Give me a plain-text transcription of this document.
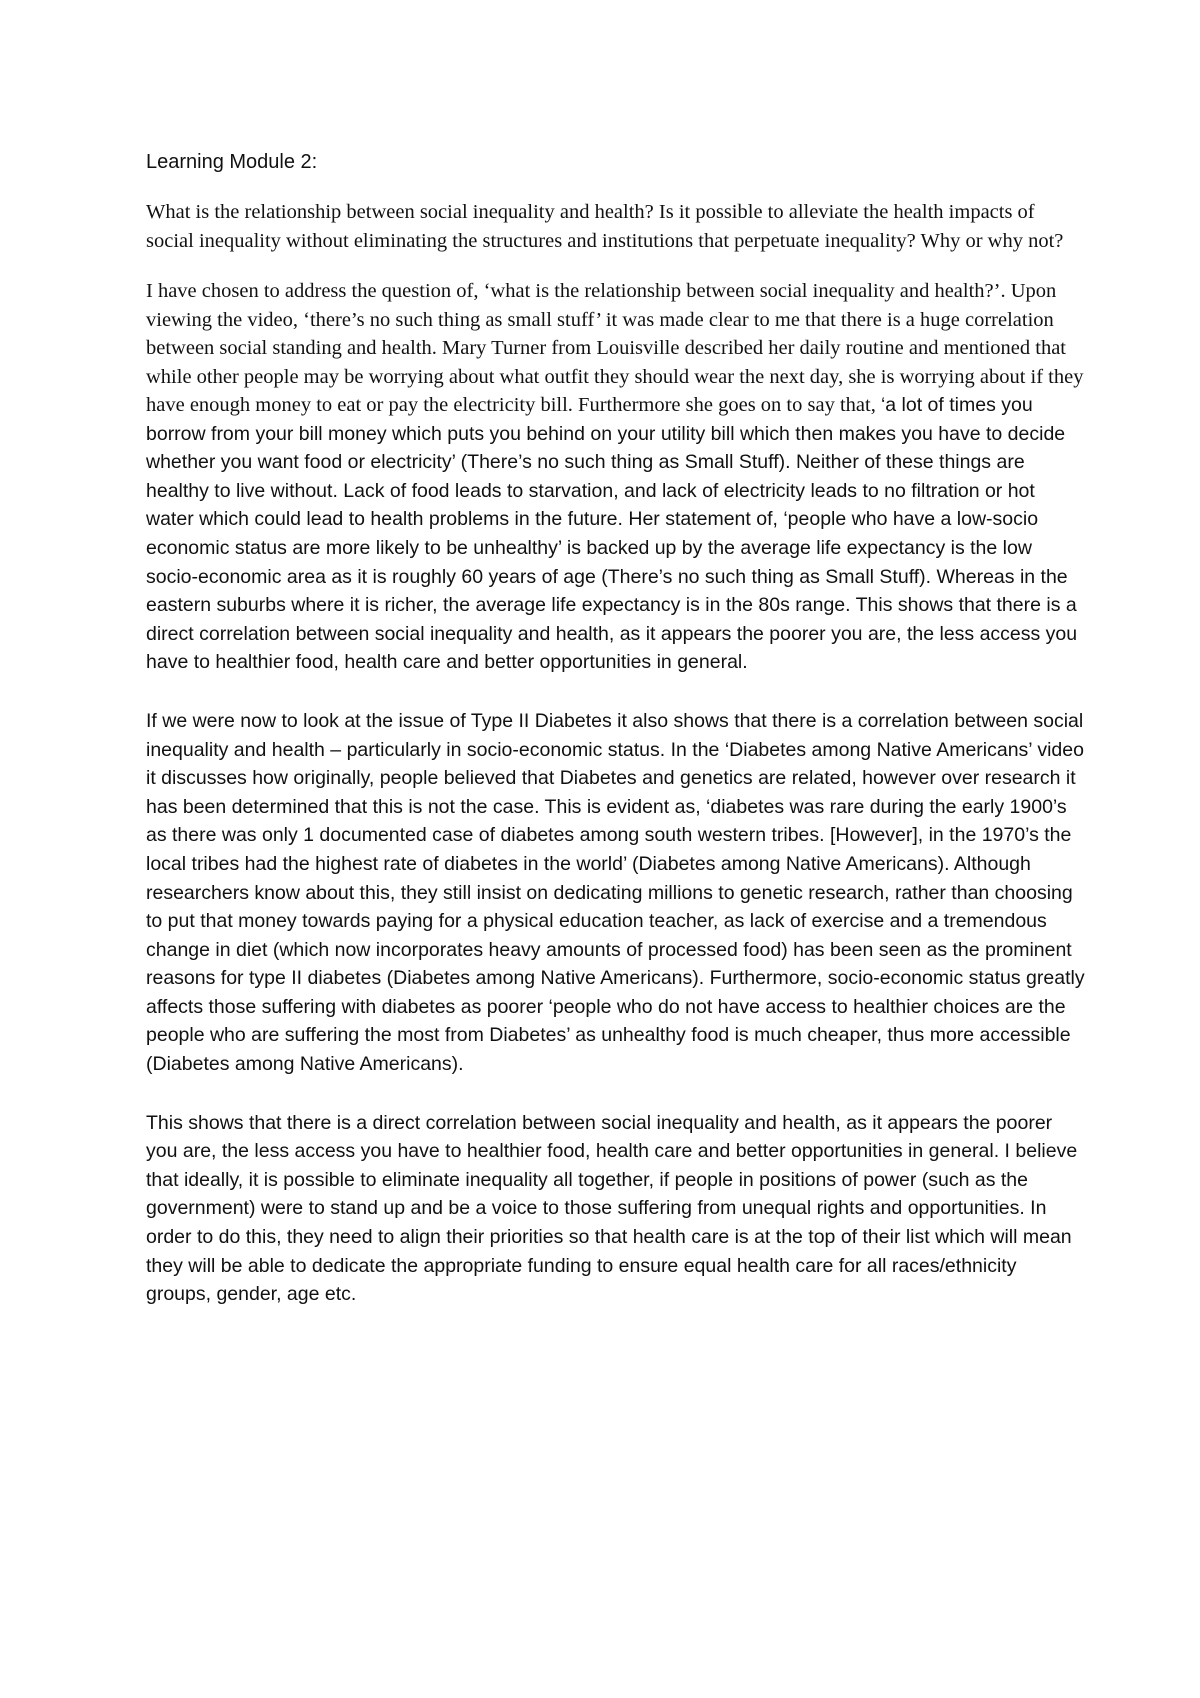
Learning Module 2:

What is the relationship between social inequality and health? Is it possible to alleviate the health impacts of social inequality without eliminating the structures and institutions that perpetuate inequality? Why or why not?

I have chosen to address the question of, ‘what is the relationship between social inequality and health?’. Upon viewing the video, ‘there’s no such thing as small stuff’ it was made clear to me that there is a huge correlation between social standing and health. Mary Turner from Louisville described her daily routine and mentioned that while other people may be worrying about what outfit they should wear the next day, she is worrying about if they have enough money to eat or pay the electricity bill. Furthermore she goes on to say that, ‘a lot of times you borrow from your bill money which puts you behind on your utility bill which then makes you have to decide whether you want food or electricity’ (There’s no such thing as Small Stuff). Neither of these things are healthy to live without. Lack of food leads to starvation, and lack of electricity leads to no filtration or hot water which could lead to health problems in the future. Her statement of, ‘people who have a low-socio economic status are more likely to be unhealthy’ is backed up by the average life expectancy is the low socio-economic area as it is roughly 60 years of age (There’s no such thing as Small Stuff). Whereas in the eastern suburbs where it is richer, the average life expectancy is in the 80s range. This shows that there is a direct correlation between social inequality and health, as it appears the poorer you are, the less access you have to healthier food, health care and better opportunities in general.

If we were now to look at the issue of Type II Diabetes it also shows that there is a correlation between social inequality and health – particularly in socio-economic status. In the ‘Diabetes among Native Americans’ video it discusses how originally, people believed that Diabetes and genetics are related, however over research it has been determined that this is not the case. This is evident as, ‘diabetes was rare during the early 1900’s as there was only 1 documented case of diabetes among south western tribes. [However], in the 1970’s the local tribes had the highest rate of diabetes in the world’ (Diabetes among Native Americans). Although researchers know about this, they still insist on dedicating millions to genetic research, rather than choosing to put that money towards paying for a physical education teacher, as lack of exercise and a tremendous change in diet (which now incorporates heavy amounts of processed food) has been seen as the prominent reasons for type II diabetes (Diabetes among Native Americans). Furthermore, socio-economic status greatly affects those suffering with diabetes as poorer ‘people who do not have access to healthier choices are the people who are suffering the most from Diabetes’ as unhealthy food is much cheaper, thus more accessible (Diabetes among Native Americans).

This shows that there is a direct correlation between social inequality and health, as it appears the poorer you are, the less access you have to healthier food, health care and better opportunities in general. I believe that ideally, it is possible to eliminate inequality all together, if people in positions of power (such as the government) were to stand up and be a voice to those suffering from unequal rights and opportunities. In order to do this, they need to align their priorities so that health care is at the top of their list which will mean they will be able to dedicate the appropriate funding to ensure equal health care for all races/ethnicity groups, gender, age etc.
